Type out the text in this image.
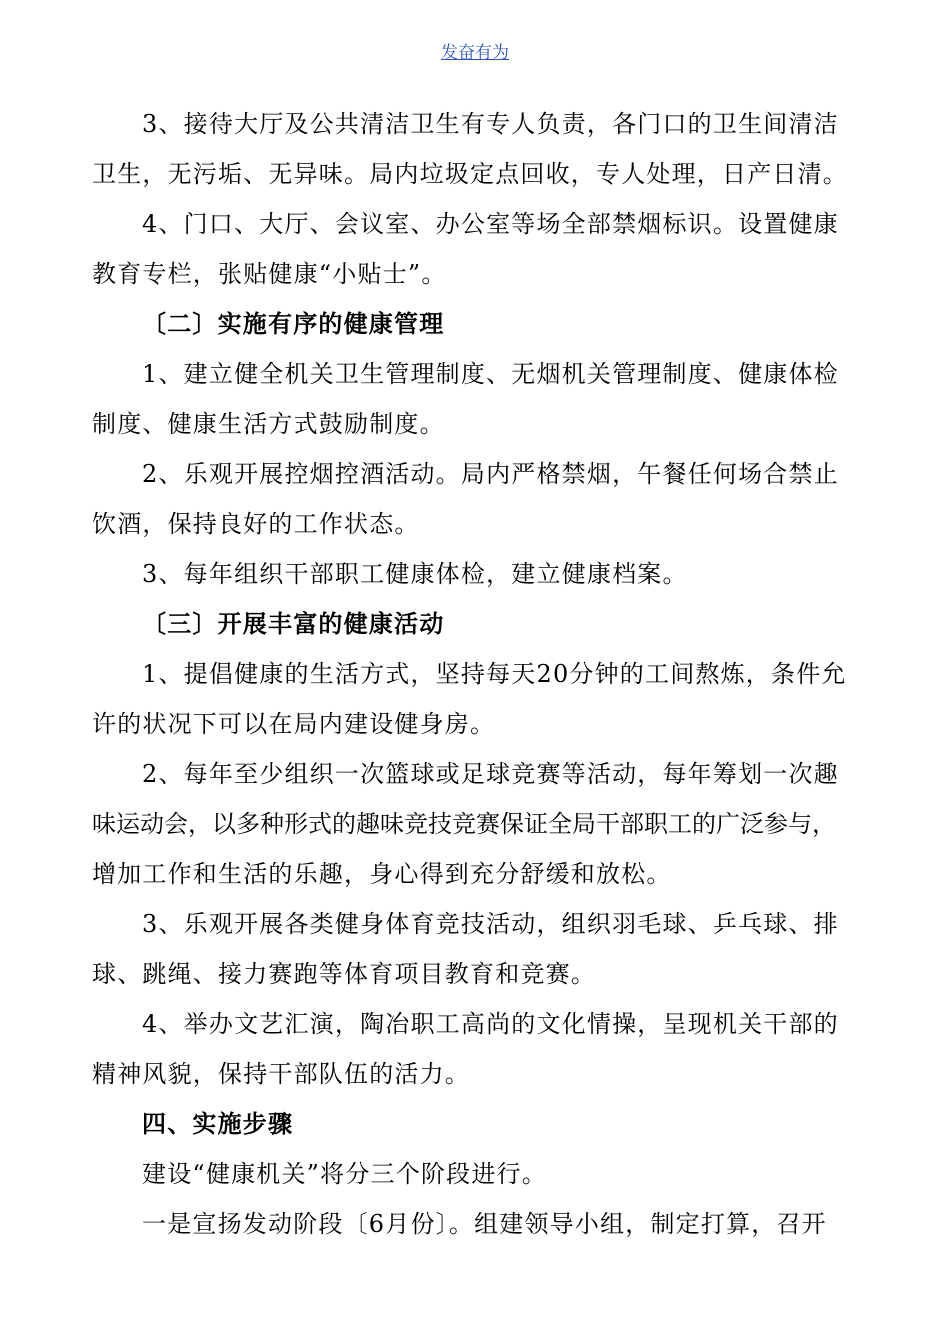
发奋有为
3、接待大厅及公共清洁卫生有专人负责，各门口的卫生间清洁
卫生，无污垢、无异味。局内垃圾定点回收，专人处理，日产日清。
4、门口、大厅、会议室、办公室等场全部禁烟标识。设置健康
教育专栏，张贴健康“小贴士”。
〔二〕实施有序的健康管理
1、建立健全机关卫生管理制度、无烟机关管理制度、健康体检
制度、健康生活方式鼓励制度。
2、乐观开展控烟控酒活动。局内严格禁烟，午餐任何场合禁止
饮酒，保持良好的工作状态。
3、每年组织干部职工健康体检，建立健康档案。
〔三〕开展丰富的健康活动
1、提倡健康的生活方式，坚持每天20分钟的工间熬炼，条件允
许的状况下可以在局内建设健身房。
2、每年至少组织一次篮球或足球竞赛等活动，每年筹划一次趣
味运动会，以多种形式的趣味竞技竞赛保证全局干部职工的广泛参与，
增加工作和生活的乐趣，身心得到充分舒缓和放松。
3、乐观开展各类健身体育竞技活动，组织羽毛球、乒乓球、排
球、跳绳、接力赛跑等体育项目教育和竞赛。
4、举办文艺汇演，陶冶职工高尚的文化情操，呈现机关干部的
精神风貌，保持干部队伍的活力。
四、实施步骤
建设“健康机关”将分三个阶段进行。
一是宣扬发动阶段〔6月份〕。组建领导小组，制定打算，召开
